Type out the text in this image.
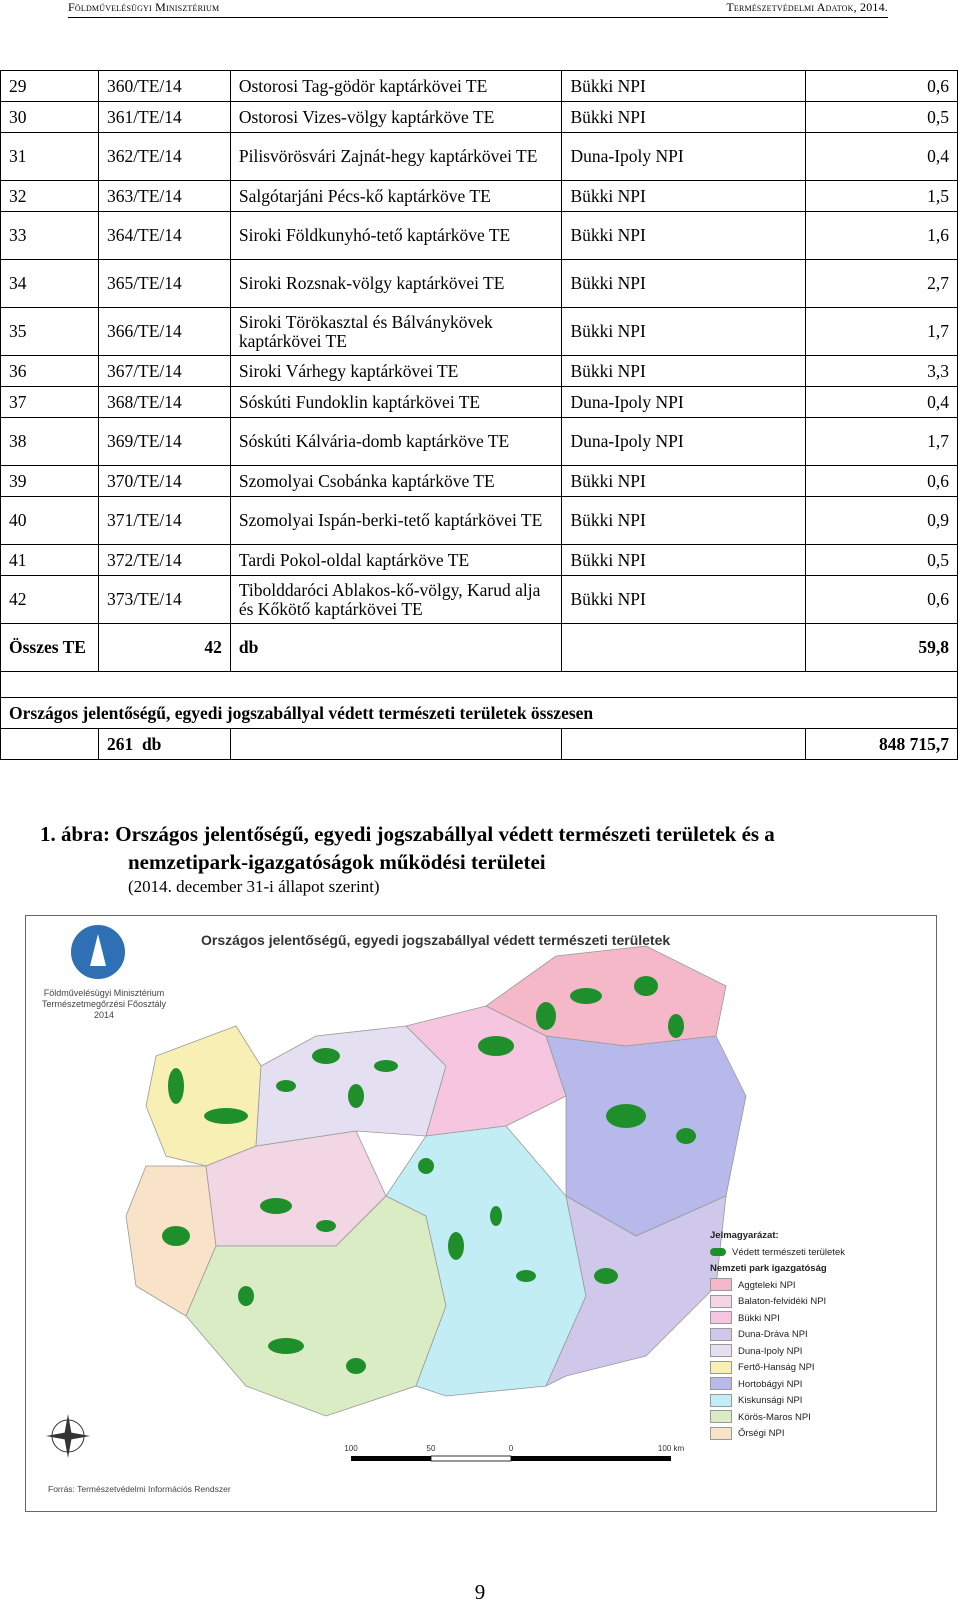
Földművelésügyi Minisztérium	Természetvédelmi Adatok, 2014.
29	360/TE/14	Ostorosi Tag-gödör kaptárkövei TE	Bükki NPI	0,6
30	361/TE/14	Ostorosi Vizes-völgy kaptárköve TE	Bükki NPI	0,5
31	362/TE/14	Pilisvörösvári Zajnát-hegy kaptárkövei TE	Duna-Ipoly NPI	0,4
32	363/TE/14	Salgótarjáni Pécs-kő kaptárköve TE	Bükki NPI	1,5
33	364/TE/14	Siroki Földkunyhó-tető kaptárköve TE	Bükki NPI	1,6
34	365/TE/14	Siroki Rozsnak-völgy kaptárkövei TE	Bükki NPI	2,7
35	366/TE/14	Siroki Törökasztal és Bálványkövek kaptárkövei TE	Bükki NPI	1,7
36	367/TE/14	Siroki Várhegy kaptárkövei TE	Bükki NPI	3,3
37	368/TE/14	Sóskúti Fundoklin kaptárkövei TE	Duna-Ipoly NPI	0,4
38	369/TE/14	Sóskúti Kálvária-domb kaptárköve TE	Duna-Ipoly NPI	1,7
39	370/TE/14	Szomolyai Csobánka kaptárköve TE	Bükki NPI	0,6
40	371/TE/14	Szomolyai Ispán-berki-tető kaptárkövei TE	Bükki NPI	0,9
41	372/TE/14	Tardi Pokol-oldal kaptárköve TE	Bükki NPI	0,5
42	373/TE/14	Tibolddaróci Ablakos-kő-völgy, Karud alja és Kőkötő kaptárkövei TE	Bükki NPI	0,6
Összes TE	42	db		59,8

Országos jelentőségű, egyedi jogszabállyal védett természeti területek összesen				
	261 db			848 715,7
1. ábra: Országos jelentőségű, egyedi jogszabállyal védett természeti területek és a
nemzetipark-igazgatóságok működési területei
(2014. december 31-i állapot szerint)
100	50	0	100 km
Országos jelentőségű, egyedi jogszabállyal védett természeti területek
Földművelésügyi Minisztérium
Természetmegőrzési Főosztály
2014
Forrás: Természetvédelmi Információs Rendszer
Jelmagyarázat:
Védett természeti területek
Nemzeti park igazgatóság
Aggteleki NPI
Balaton-felvidéki NPI
Bükki NPI
Duna-Dráva NPI
Duna-Ipoly NPI
Fertő-Hanság NPI
Hortobágyi NPI
Kiskunsági NPI
Körös-Maros NPI
Őrségi NPI
9
